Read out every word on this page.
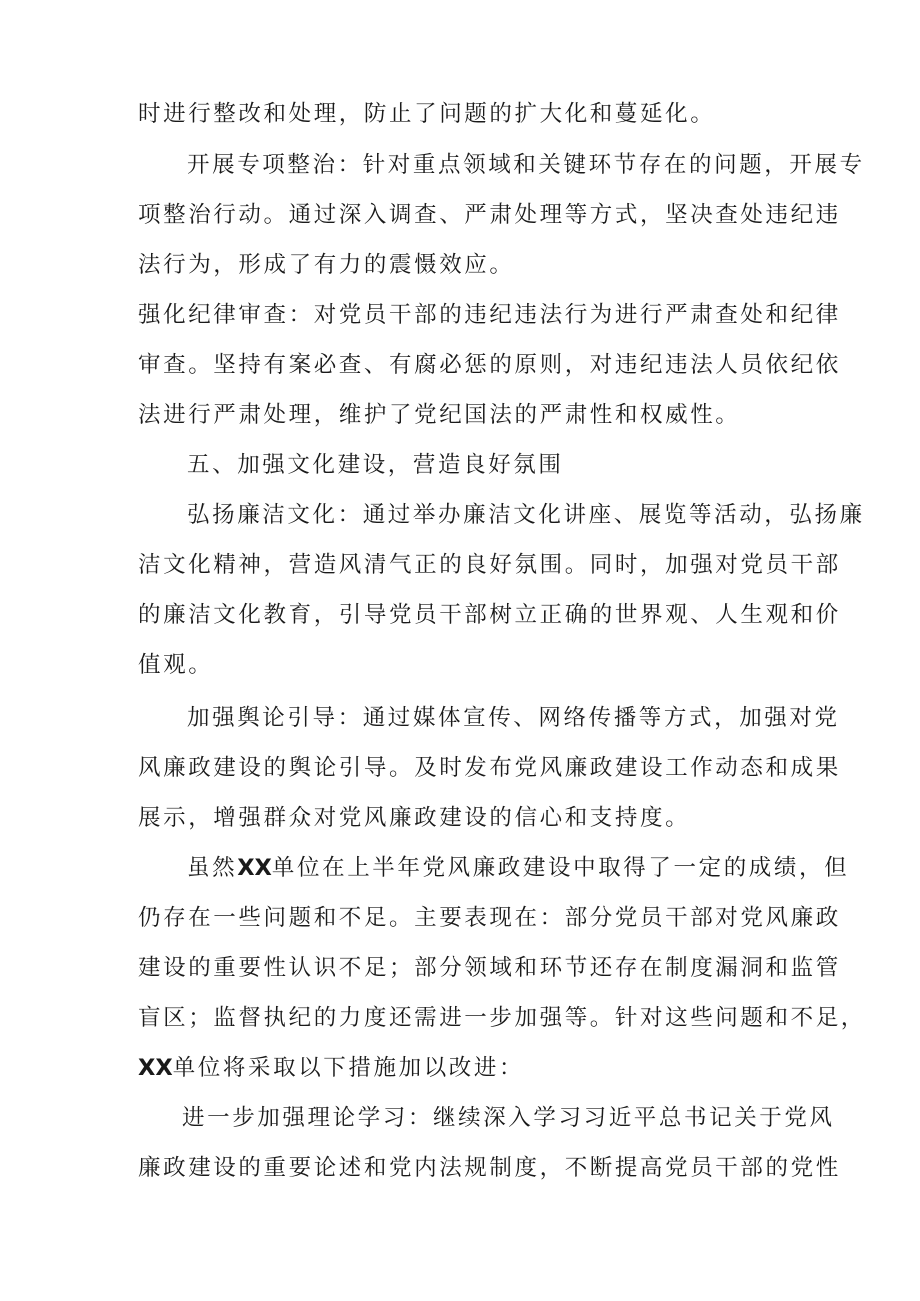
时进行整改和处理，防止了问题的扩大化和蔓延化。
开展专项整治：针对重点领域和关键环节存在的问题，开展专
项整治行动。通过深入调查、严肃处理等方式，坚决查处违纪违
法行为，形成了有力的震慑效应。
强化纪律审查：对党员干部的违纪违法行为进行严肃查处和纪律
审查。坚持有案必查、有腐必惩的原则，对违纪违法人员依纪依
法进行严肃处理，维护了党纪国法的严肃性和权威性。
五、加强文化建设，营造良好氛围
弘扬廉洁文化：通过举办廉洁文化讲座、展览等活动，弘扬廉
洁文化精神，营造风清气正的良好氛围。同时，加强对党员干部
的廉洁文化教育，引导党员干部树立正确的世界观、人生观和价
值观。
加强舆论引导：通过媒体宣传、网络传播等方式，加强对党
风廉政建设的舆论引导。及时发布党风廉政建设工作动态和成果
展示，增强群众对党风廉政建设的信心和支持度。
虽然XX单位在上半年党风廉政建设中取得了一定的成绩，但
仍存在一些问题和不足。主要表现在：部分党员干部对党风廉政
建设的重要性认识不足；部分领域和环节还存在制度漏洞和监管
盲区；监督执纪的力度还需进一步加强等。针对这些问题和不足，
XX单位将采取以下措施加以改进：
进一步加强理论学习：继续深入学习习近平总书记关于党风
廉政建设的重要论述和党内法规制度，不断提高党员干部的党性
